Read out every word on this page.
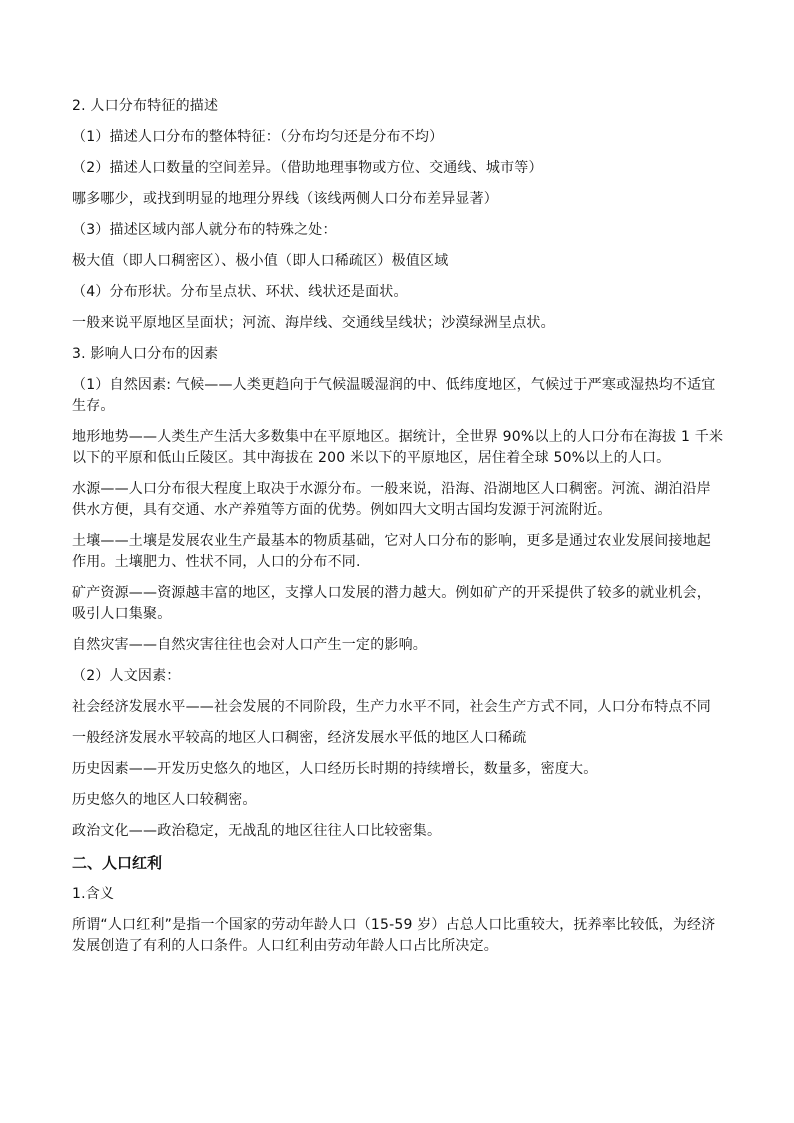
2. 人口分布特征的描述

（1）描述人口分布的整体特征：（分布均匀还是分布不均）

（2）描述人口数量的空间差异。（借助地理事物或方位、交通线、城市等）

哪多哪少，或找到明显的地理分界线（该线两侧人口分布差异显著）

（3）描述区域内部人就分布的特殊之处：

极大值（即人口稠密区）、极小值（即人口稀疏区）极值区域

（4）分布形状。分布呈点状、环状、线状还是面状。

一般来说平原地区呈面状；河流、海岸线、交通线呈线状；沙漠绿洲呈点状。

3. 影响人口分布的因素

（1）自然因素: 气候——人类更趋向于气候温暖湿润的中、低纬度地区，气候过于严寒或湿热均不适宜生存。

地形地势——人类生产生活大多数集中在平原地区。据统计，全世界 90%以上的人口分布在海拔 1 千米以下的平原和低山丘陵区。其中海拔在 200 米以下的平原地区，居住着全球 50%以上的人口。

水源——人口分布很大程度上取决于水源分布。一般来说，沿海、沿湖地区人口稠密。河流、湖泊沿岸供水方便，具有交通、水产养殖等方面的优势。例如四大文明古国均发源于河流附近。

土壤——土壤是发展农业生产最基本的物质基础，它对人口分布的影响，更多是通过农业发展间接地起作用。土壤肥力、性状不同，人口的分布不同.

矿产资源——资源越丰富的地区，支撑人口发展的潜力越大。例如矿产的开采提供了较多的就业机会，吸引人口集聚。

自然灾害——自然灾害往往也会对人口产生一定的影响。

（2）人文因素：

社会经济发展水平——社会发展的不同阶段，生产力水平不同，社会生产方式不同，人口分布特点不同

一般经济发展水平较高的地区人口稠密，经济发展水平低的地区人口稀疏

历史因素——开发历史悠久的地区，人口经历长时期的持续增长，数量多，密度大。

历史悠久的地区人口较稠密。

政治文化——政治稳定，无战乱的地区往往人口比较密集。

二、人口红利

1.含义

所谓“人口红利”是指一个国家的劳动年龄人口（15-59 岁）占总人口比重较大，抚养率比较低，为经济发展创造了有利的人口条件。人口红利由劳动年龄人口占比所决定。
